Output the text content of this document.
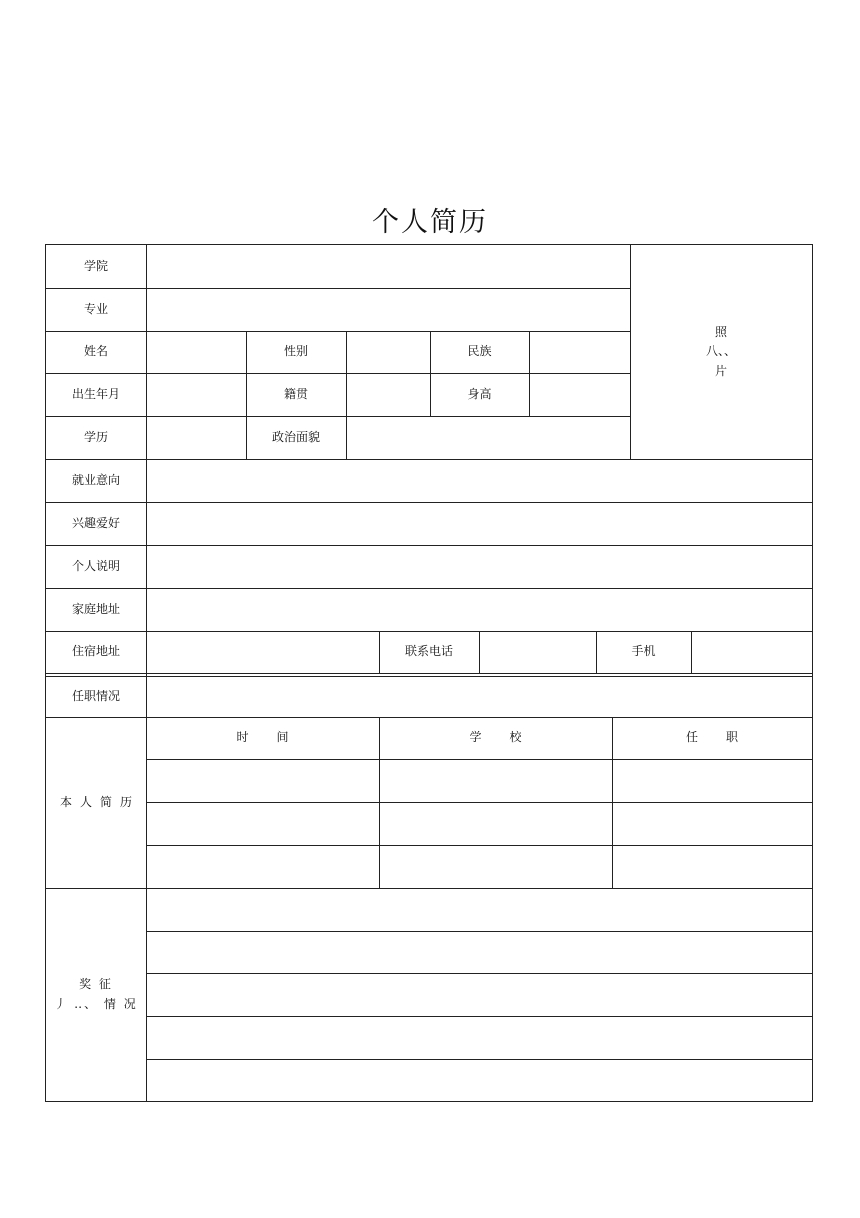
个人简历
学院
专业
姓名	性别	民族
出生年月	籍贯	身高
学历	政治面貌
照
八、、
片
就业意向
兴趣爱好
个人说明
家庭地址
住宿地址	联系电话	手机
任职情况
本人简历
时间	学校	任职
奖 征
丿 ‥、 情 况
